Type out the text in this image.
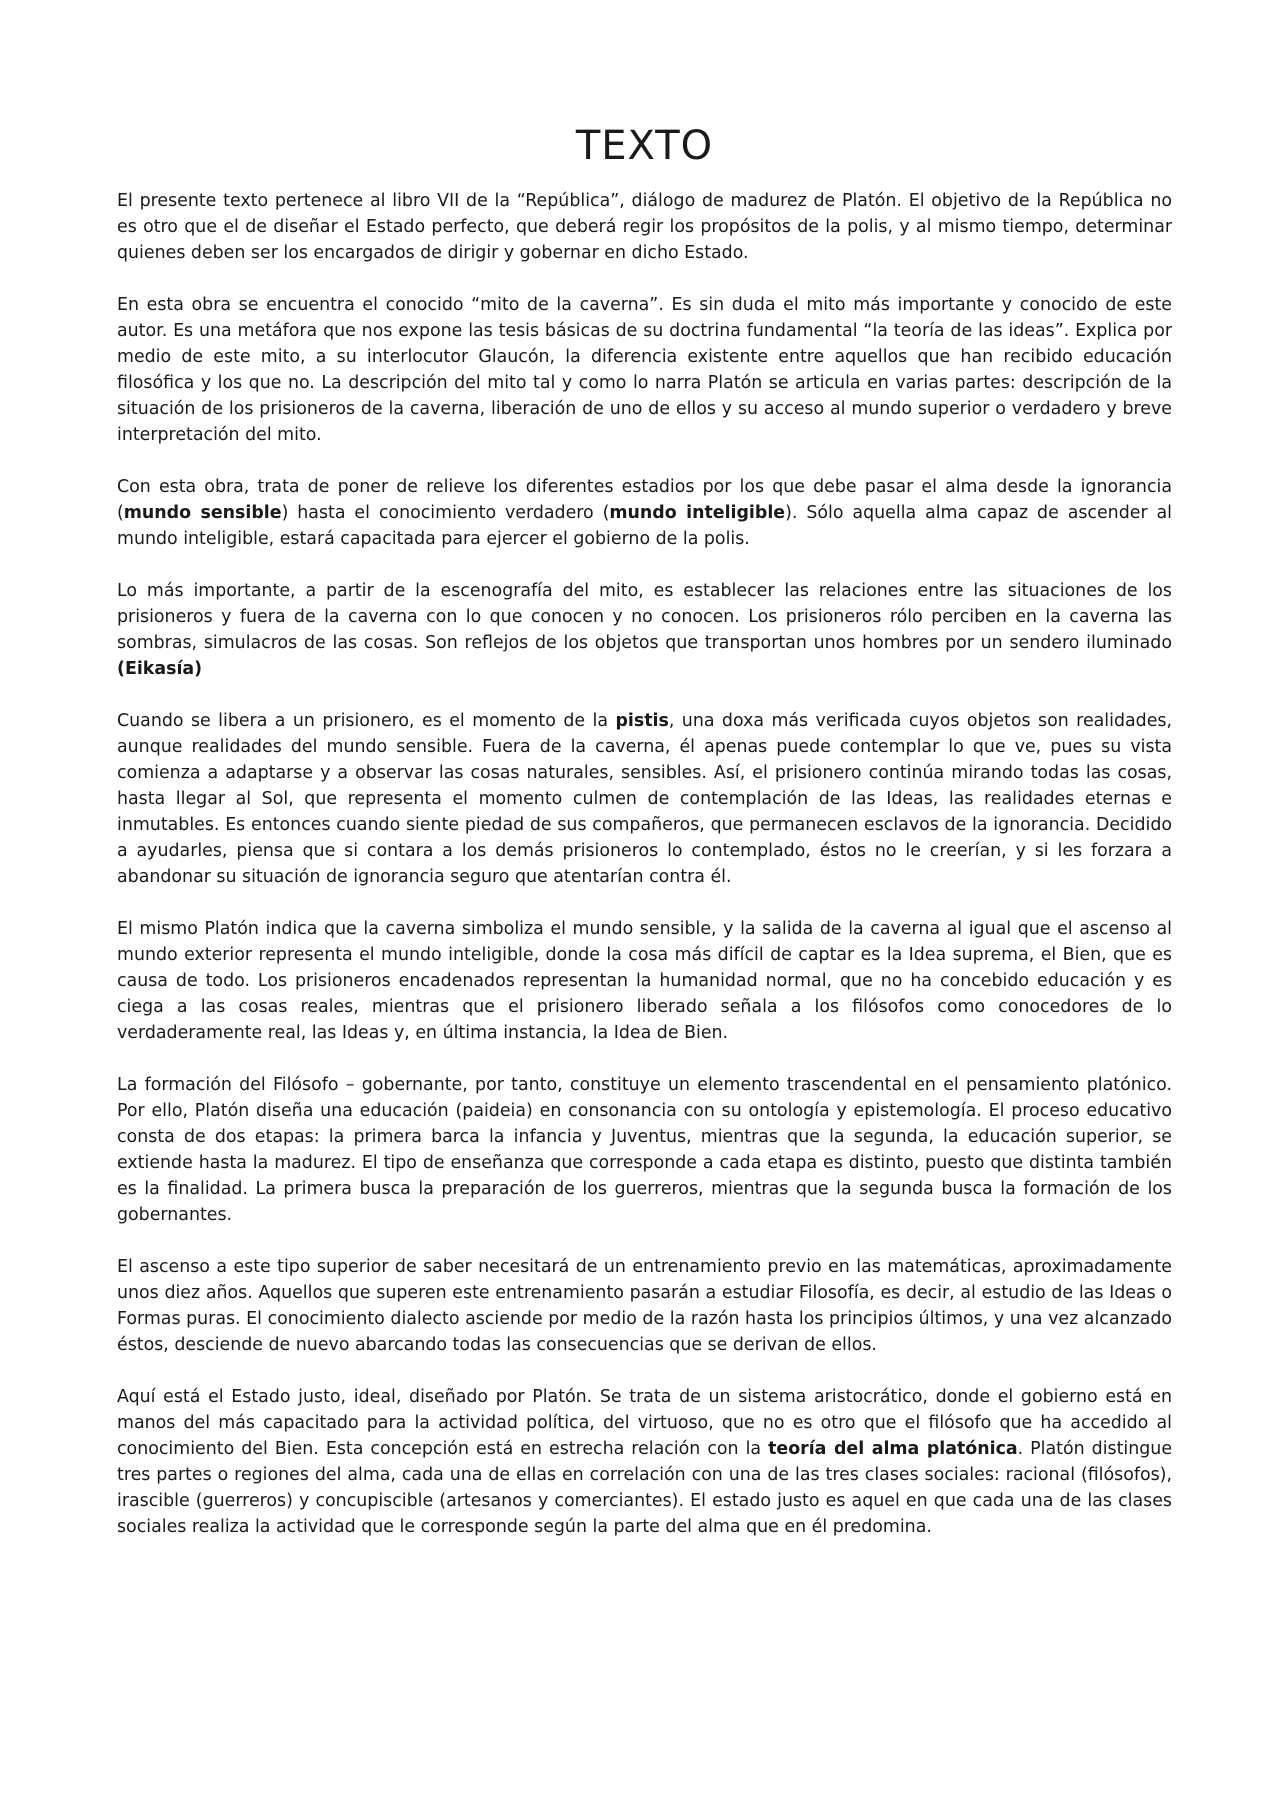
TEXTO

El presente texto pertenece al libro VII de la “República”, diálogo de madurez de Platón. El objetivo de la República no es otro que el de diseñar el Estado perfecto, que deberá regir los propósitos de la polis, y al mismo tiempo, determinar quienes deben ser los encargados de dirigir y gobernar en dicho Estado.

En esta obra se encuentra el conocido “mito de la caverna”. Es sin duda el mito más importante y conocido de este autor. Es una metáfora que nos expone las tesis básicas de su doctrina fundamental “la teoría de las ideas”. Explica por medio de este mito, a su interlocutor Glaucón, la diferencia existente entre aquellos que han recibido educación filosófica y los que no. La descripción del mito tal y como lo narra Platón se articula en varias partes: descripción de la situación de los prisioneros de la caverna, liberación de uno de ellos y su acceso al mundo superior o verdadero y breve interpretación del mito.

Con esta obra, trata de poner de relieve los diferentes estadios por los que debe pasar el alma desde la ignorancia (mundo sensible) hasta el conocimiento verdadero (mundo inteligible). Sólo aquella alma capaz de ascender al mundo inteligible, estará capacitada para ejercer el gobierno de la polis.

Lo más importante, a partir de la escenografía del mito, es establecer las relaciones entre las situaciones de los prisioneros y fuera de la caverna con lo que conocen y no conocen. Los prisioneros rólo perciben en la caverna las sombras, simulacros de las cosas. Son reflejos de los objetos que transportan unos hombres por un sendero iluminado (Eikasía)

Cuando se libera a un prisionero, es el momento de la pistis, una doxa más verificada cuyos objetos son realidades, aunque realidades del mundo sensible. Fuera de la caverna, él apenas puede contemplar lo que ve, pues su vista comienza a adaptarse y a observar las cosas naturales, sensibles. Así, el prisionero continúa mirando todas las cosas, hasta llegar al Sol, que representa el momento culmen de contemplación de las Ideas, las realidades eternas e inmutables. Es entonces cuando siente piedad de sus compañeros, que permanecen esclavos de la ignorancia. Decidido a ayudarles, piensa que si contara a los demás prisioneros lo contemplado, éstos no le creerían, y si les forzara a abandonar su situación de ignorancia seguro que atentarían contra él.

El mismo Platón indica que la caverna simboliza el mundo sensible, y la salida de la caverna al igual que el ascenso al mundo exterior representa el mundo inteligible, donde la cosa más difícil de captar es la Idea suprema, el Bien, que es causa de todo. Los prisioneros encadenados representan la humanidad normal, que no ha concebido educación y es ciega a las cosas reales, mientras que el prisionero liberado señala a los filósofos como conocedores de lo verdaderamente real, las Ideas y, en última instancia, la Idea de Bien.

La formación del Filósofo – gobernante, por tanto, constituye un elemento trascendental en el pensamiento platónico. Por ello, Platón diseña una educación (paideia) en consonancia con su ontología y epistemología. El proceso educativo consta de dos etapas: la primera barca la infancia y Juventus, mientras que la segunda, la educación superior, se extiende hasta la madurez. El tipo de enseñanza que corresponde a cada etapa es distinto, puesto que distinta también es la finalidad. La primera busca la preparación de los guerreros, mientras que la segunda busca la formación de los gobernantes.

El ascenso a este tipo superior de saber necesitará de un entrenamiento previo en las matemáticas, aproximadamente unos diez años. Aquellos que superen este entrenamiento pasarán a estudiar Filosofía, es decir, al estudio de las Ideas o Formas puras. El conocimiento dialecto asciende por medio de la razón hasta los principios últimos, y una vez alcanzado éstos, desciende de nuevo abarcando todas las consecuencias que se derivan de ellos.

Aquí está el Estado justo, ideal, diseñado por Platón. Se trata de un sistema aristocrático, donde el gobierno está en manos del más capacitado para la actividad política, del virtuoso, que no es otro que el filósofo que ha accedido al conocimiento del Bien. Esta concepción está en estrecha relación con la teoría del alma platónica. Platón distingue tres partes o regiones del alma, cada una de ellas en correlación con una de las tres clases sociales: racional (filósofos), irascible (guerreros) y concupiscible (artesanos y comerciantes). El estado justo es aquel en que cada una de las clases sociales realiza la actividad que le corresponde según la parte del alma que en él predomina.
